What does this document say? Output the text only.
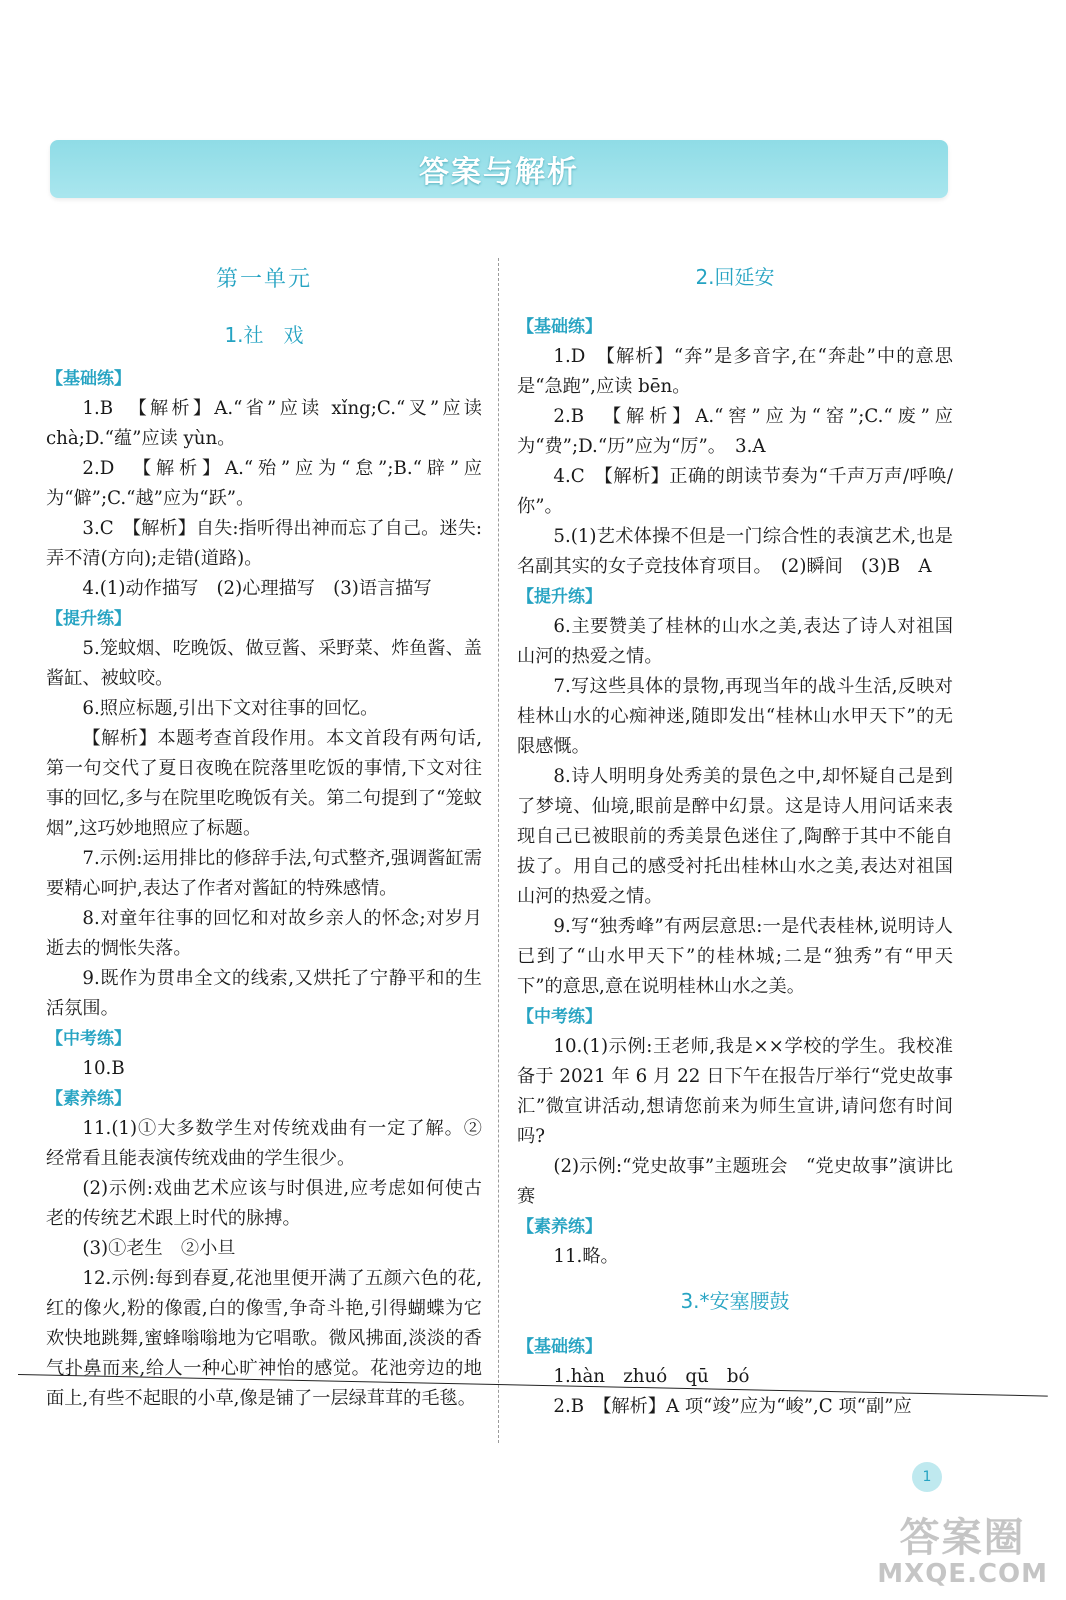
答案与解析
第一单元
1.社　戏
【基础练】

1.B　【解析】A.“省”应读 xǐng;C.“叉”应读 chà;D.“蕴”应读 yùn。

2.D　【解析】A.“殆”应为“怠”;B.“辟”应为“僻”;C.“越”应为“跃”。

3.C　【解析】自失:指听得出神而忘了自己。迷失:弄不清(方向);走错(道路)。

4.(1)动作描写　(2)心理描写　(3)语言描写

【提升练】

5.笼蚊烟、吃晚饭、做豆酱、采野菜、炸鱼酱、盖酱缸、被蚊咬。

6.照应标题,引出下文对往事的回忆。

【解析】本题考查首段作用。本文首段有两句话,第一句交代了夏日夜晚在院落里吃饭的事情,下文对往事的回忆,多与在院里吃晚饭有关。第二句提到了“笼蚊烟”,这巧妙地照应了标题。

7.示例:运用排比的修辞手法,句式整齐,强调酱缸需要精心呵护,表达了作者对酱缸的特殊感情。

8.对童年往事的回忆和对故乡亲人的怀念;对岁月逝去的惆怅失落。

9.既作为贯串全文的线索,又烘托了宁静平和的生活氛围。

【中考练】

10.B

【素养练】

11.(1)①大多数学生对传统戏曲有一定了解。②经常看且能表演传统戏曲的学生很少。

(2)示例:戏曲艺术应该与时俱进,应考虑如何使古老的传统艺术跟上时代的脉搏。

(3)①老生　②小旦

12.示例:每到春夏,花池里便开满了五颜六色的花,红的像火,粉的像霞,白的像雪,争奇斗艳,引得蝴蝶为它欢快地跳舞,蜜蜂嗡嗡地为它唱歌。微风拂面,淡淡的香气扑鼻而来,给人一种心旷神怡的感觉。花池旁边的地面上,有些不起眼的小草,像是铺了一层绿茸茸的毛毯。

2.回延安
【基础练】

1.D　【解析】“奔”是多音字,在“奔赴”中的意思是“急跑”,应读 bēn。

2.B　【解析】A.“窖”应为“窑”;C.“废”应为“费”;D.“历”应为“厉”。　3.A

4.C　【解析】正确的朗读节奏为“千声万声/呼唤/你”。

5.(1)艺术体操不但是一门综合性的表演艺术,也是名副其实的女子竞技体育项目。　(2)瞬间　(3)B　A

【提升练】

6.主要赞美了桂林的山水之美,表达了诗人对祖国山河的热爱之情。

7.写这些具体的景物,再现当年的战斗生活,反映对桂林山水的心痴神迷,随即发出“桂林山水甲天下”的无限感慨。

8.诗人明明身处秀美的景色之中,却怀疑自己是到了梦境、仙境,眼前是醉中幻景。这是诗人用问话来表现自己已被眼前的秀美景色迷住了,陶醉于其中不能自拔了。用自己的感受衬托出桂林山水之美,表达对祖国山河的热爱之情。

9.写“独秀峰”有两层意思:一是代表桂林,说明诗人已到了“山水甲天下”的桂林城;二是“独秀”有“甲天下”的意思,意在说明桂林山水之美。

【中考练】

10.(1)示例:王老师,我是××学校的学生。我校准备于 2021 年 6 月 22 日下午在报告厅举行“党史故事汇”微宣讲活动,想请您前来为师生宣讲,请问您有时间吗?

(2)示例:“党史故事”主题班会　“党史故事”演讲比赛

【素养练】

11.略。

3.*安塞腰鼓
【基础练】

1.hàn　zhuó　qū　bó

2.B　【解析】A 项“竣”应为“峻”,C 项“副”应

1
答案圈
MXQE.COM
